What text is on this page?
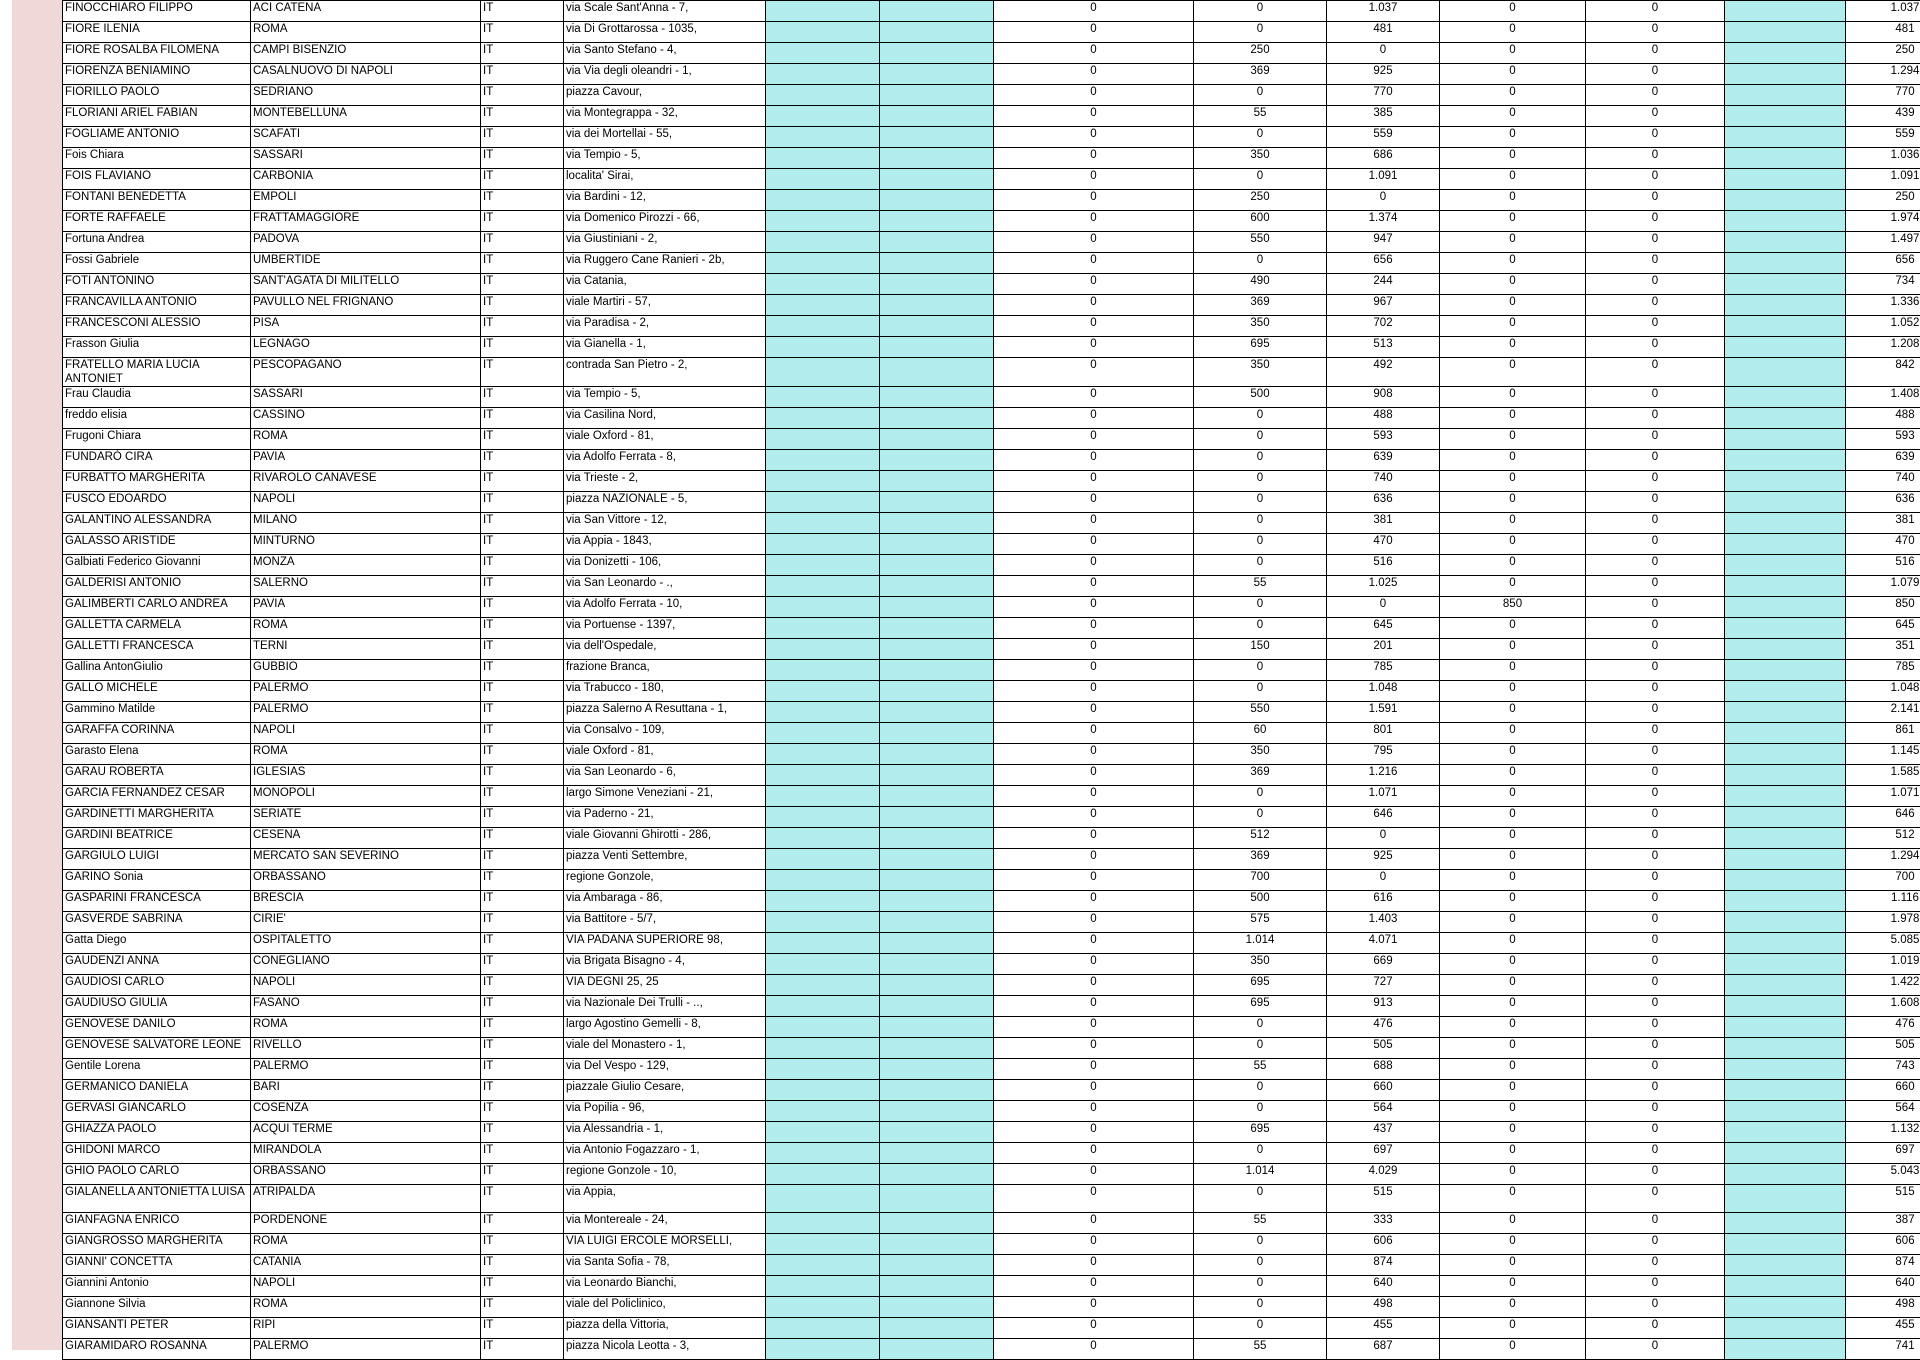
FINOCCHIARO FILIPPO	ACI CATENA	IT	via Scale Sant'Anna - 7,			0	0	1.037	0	0		1.037
FIORE ILENIA	ROMA	IT	via Di Grottarossa - 1035,			0	0	481	0	0		481
FIORE ROSALBA FILOMENA	CAMPI BISENZIO	IT	via Santo Stefano - 4,			0	250	0	0	0		250
FIORENZA BENIAMINO	CASALNUOVO DI NAPOLI	IT	via Via degli oleandri - 1,			0	369	925	0	0		1.294
FIORILLO PAOLO	SEDRIANO	IT	piazza Cavour,			0	0	770	0	0		770
FLORIANI ARIEL FABIAN	MONTEBELLUNA	IT	via Montegrappa - 32,			0	55	385	0	0		439
FOGLIAME ANTONIO	SCAFATI	IT	via dei Mortellai - 55,			0	0	559	0	0		559
Fois Chiara	SASSARI	IT	via Tempio - 5,			0	350	686	0	0		1.036
FOIS FLAVIANO	CARBONIA	IT	localita' Sirai,			0	0	1.091	0	0		1.091
FONTANI BENEDETTA	EMPOLI	IT	via Bardini - 12,			0	250	0	0	0		250
FORTE RAFFAELE	FRATTAMAGGIORE	IT	via Domenico Pirozzi - 66,			0	600	1.374	0	0		1.974
Fortuna Andrea	PADOVA	IT	via Giustiniani - 2,			0	550	947	0	0		1.497
Fossi Gabriele	UMBERTIDE	IT	via Ruggero Cane Ranieri - 2b,			0	0	656	0	0		656
FOTI ANTONINO	SANT'AGATA DI MILITELLO	IT	via Catania,			0	490	244	0	0		734
FRANCAVILLA ANTONIO	PAVULLO NEL FRIGNANO	IT	viale Martiri - 57,			0	369	967	0	0		1.336
FRANCESCONI ALESSIO	PISA	IT	via Paradisa - 2,			0	350	702	0	0		1.052
Frasson Giulia	LEGNAGO	IT	via Gianella - 1,			0	695	513	0	0		1.208
FRATELLO MARIA LUCIA ANTONIET	PESCOPAGANO	IT	contrada San Pietro - 2,			0	350	492	0	0		842
Frau Claudia	SASSARI	IT	via Tempio - 5,			0	500	908	0	0		1.408
freddo elisia	CASSINO	IT	via Casilina Nord,			0	0	488	0	0		488
Frugoni Chiara	ROMA	IT	viale Oxford - 81,			0	0	593	0	0		593
FUNDARÒ CIRA	PAVIA	IT	via Adolfo Ferrata - 8,			0	0	639	0	0		639
FURBATTO MARGHERITA	RIVAROLO CANAVESE	IT	via Trieste - 2,			0	0	740	0	0		740
FUSCO EDOARDO	NAPOLI	IT	piazza NAZIONALE - 5,			0	0	636	0	0		636
GALANTINO ALESSANDRA	MILANO	IT	via San Vittore - 12,			0	0	381	0	0		381
GALASSO ARISTIDE	MINTURNO	IT	via Appia - 1843,			0	0	470	0	0		470
Galbiati Federico Giovanni	MONZA	IT	via Donizetti - 106,			0	0	516	0	0		516
GALDERISI ANTONIO	SALERNO	IT	via San Leonardo - .,			0	55	1.025	0	0		1.079
GALIMBERTI CARLO ANDREA	PAVIA	IT	via Adolfo Ferrata - 10,			0	0	0	850	0		850
GALLETTA CARMELA	ROMA	IT	via Portuense - 1397,			0	0	645	0	0		645
GALLETTI FRANCESCA	TERNI	IT	via dell'Ospedale,			0	150	201	0	0		351
Gallina AntonGiulio	GUBBIO	IT	frazione Branca,			0	0	785	0	0		785
GALLO MICHELE	PALERMO	IT	via Trabucco - 180,			0	0	1.048	0	0		1.048
Gammino Matilde	PALERMO	IT	piazza Salerno A Resuttana - 1,			0	550	1.591	0	0		2.141
GARAFFA CORINNA	NAPOLI	IT	via Consalvo - 109,			0	60	801	0	0		861
Garasto Elena	ROMA	IT	viale Oxford - 81,			0	350	795	0	0		1.145
GARAU ROBERTA	IGLESIAS	IT	via San Leonardo - 6,			0	369	1.216	0	0		1.585
GARCIA FERNANDEZ CESAR	MONOPOLI	IT	largo Simone Veneziani - 21,			0	0	1.071	0	0		1.071
GARDINETTI MARGHERITA	SERIATE	IT	via Paderno - 21,			0	0	646	0	0		646
GARDINI BEATRICE	CESENA	IT	viale Giovanni Ghirotti - 286,			0	512	0	0	0		512
GARGIULO LUIGI	MERCATO SAN SEVERINO	IT	piazza Venti Settembre,			0	369	925	0	0		1.294
GARINO Sonia	ORBASSANO	IT	regione Gonzole,			0	700	0	0	0		700
GASPARINI FRANCESCA	BRESCIA	IT	via Ambaraga - 86,			0	500	616	0	0		1.116
GASVERDE SABRINA	CIRIE'	IT	via Battitore - 5/7,			0	575	1.403	0	0		1.978
Gatta Diego	OSPITALETTO	IT	VIA PADANA SUPERIORE 98,			0	1.014	4.071	0	0		5.085
GAUDENZI ANNA	CONEGLIANO	IT	via Brigata Bisagno - 4,			0	350	669	0	0		1.019
GAUDIOSI CARLO	NAPOLI	IT	VIA DEGNI 25, 25			0	695	727	0	0		1.422
GAUDIUSO GIULIA	FASANO	IT	via Nazionale Dei Trulli - ..,			0	695	913	0	0		1.608
GENOVESE DANILO	ROMA	IT	largo Agostino Gemelli - 8,			0	0	476	0	0		476
GENOVESE SALVATORE LEONE	RIVELLO	IT	viale del Monastero - 1,			0	0	505	0	0		505
Gentile Lorena	PALERMO	IT	via Del Vespo - 129,			0	55	688	0	0		743
GERMANICO DANIELA	BARI	IT	piazzale Giulio Cesare,			0	0	660	0	0		660
GERVASI GIANCARLO	COSENZA	IT	via Popilia - 96,			0	0	564	0	0		564
GHIAZZA PAOLO	ACQUI TERME	IT	via Alessandria - 1,			0	695	437	0	0		1.132
GHIDONI MARCO	MIRANDOLA	IT	via Antonio Fogazzaro - 1,			0	0	697	0	0		697
GHIO PAOLO CARLO	ORBASSANO	IT	regione Gonzole - 10,			0	1.014	4.029	0	0		5.043
GIALANELLA ANTONIETTA LUISA	ATRIPALDA	IT	via Appia,			0	0	515	0	0		515
GIANFAGNA ENRICO	PORDENONE	IT	via Montereale - 24,			0	55	333	0	0		387
GIANGROSSO MARGHERITA	ROMA	IT	VIA LUIGI ERCOLE MORSELLI,			0	0	606	0	0		606
GIANNI' CONCETTA	CATANIA	IT	via Santa Sofia - 78,			0	0	874	0	0		874
Giannini Antonio	NAPOLI	IT	via Leonardo Bianchi,			0	0	640	0	0		640
Giannone Silvia	ROMA	IT	viale del Policlinico,			0	0	498	0	0		498
GIANSANTI PETER	RIPI	IT	piazza della Vittoria,			0	0	455	0	0		455
GIARAMIDARO ROSANNA	PALERMO	IT	piazza Nicola Leotta - 3,			0	55	687	0	0		741
